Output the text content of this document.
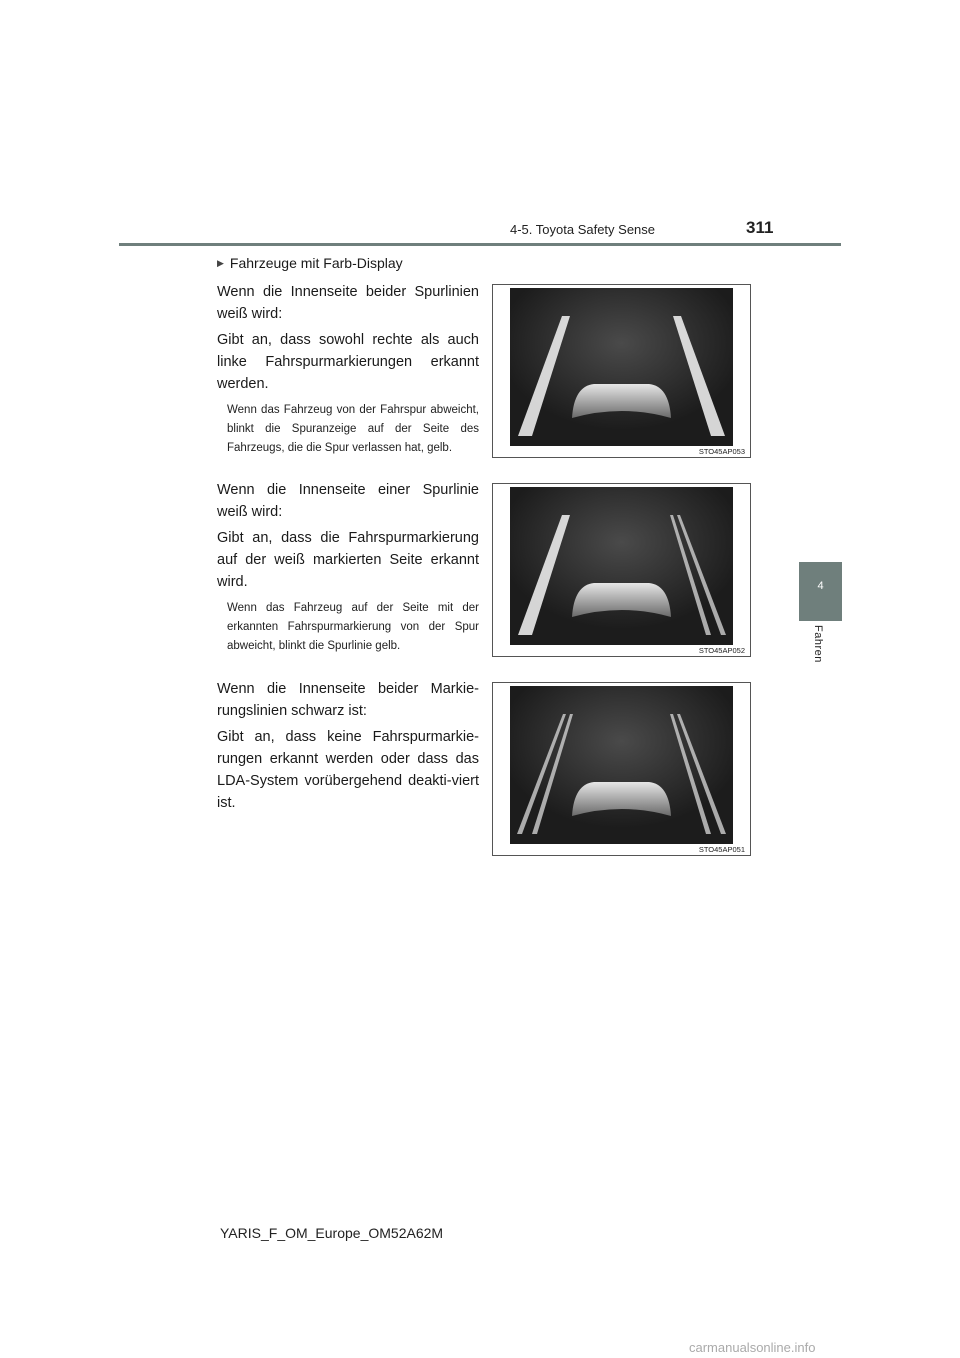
4-5. Toyota Safety Sense	311
4
Fahren
▶ Fahrzeuge mit Farb-Display

Wenn die Innenseite beider Spurlinien weiß wird:

Gibt an, dass sowohl rechte als auch linke Fahrspurmarkierungen erkannt werden.

Wenn das Fahrzeug von der Fahrspur abweicht, blinkt die Spuranzeige auf der Seite des Fahrzeugs, die die Spur verlassen hat, gelb.

Wenn die Innenseite einer Spurlinie weiß wird:

Gibt an, dass die Fahrspurmarkierung auf der weiß markierten Seite erkannt wird.

Wenn das Fahrzeug auf der Seite mit der erkannten Fahrspurmarkierung von der Spur abweicht, blinkt die Spurlinie gelb.

Wenn die Innenseite beider Markie-rungslinien schwarz ist:

Gibt an, dass keine Fahrspurmarkie-rungen erkannt werden oder dass das LDA-System vorübergehend deakti-viert ist.

STO45AP053
STO45AP052
STO45AP051
YARIS_F_OM_Europe_OM52A62M
carmanualsonline.info
